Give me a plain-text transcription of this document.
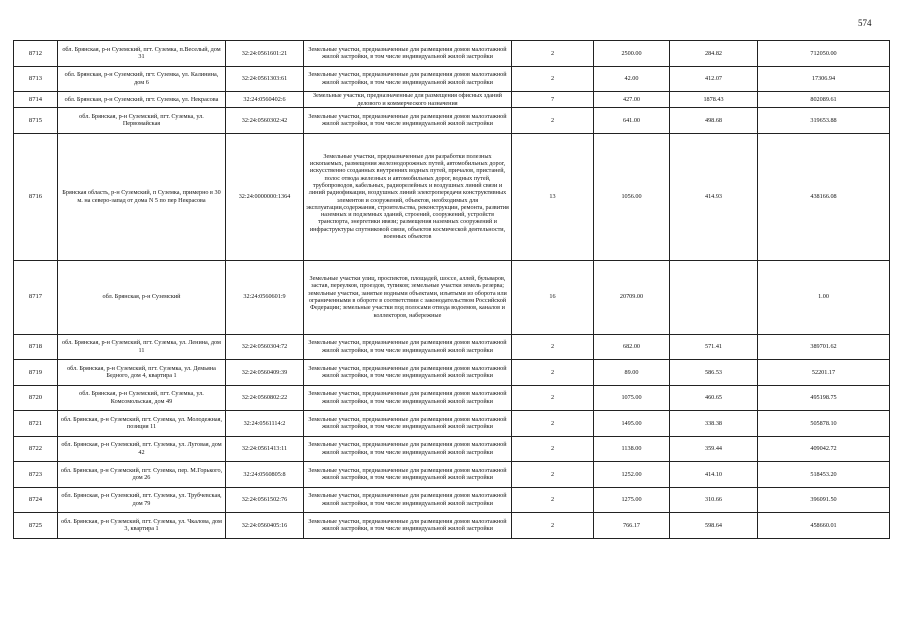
574
8712	обл. Брянская, р-н Суземский, пгт. Суземка, п.Веселый, дом 31	32:24:0561601:21	Земельные участки, предназначенные для размещения домов малоэтажной жилой застройки, в том числе индивидуальной жилой застройки	2	2500.00	284.82	712050.00
8713	обл. Брянская, р-н Суземский, пгт. Суземка, ул. Калинина, дом 6	32:24:0561303:61	Земельные участки, предназначенные для размещения домов малоэтажной жилой застройки, в том числе индивидуальной жилой застройки	2	42.00	412.07	17306.94
8714	обл. Брянская, р-н Суземский, пгт. Суземка, ул. Некрасова	32:24:0560402:6	Земельные участки, предназначенные для размещения офисных зданий делового и коммерческого назначения	7	427.00	1878.43	802089.61
8715	обл. Брянская, р-н Суземский, пгт. Суземка, ул. Первомайская	32:24:0560302:42	Земельные участки, предназначенные для размещения домов малоэтажной жилой застройки, в том числе индивидуальной жилой застройки	2	641.00	498.68	319653.88
8716	Брянская область, р-н Суземский, п Суземка, примерно в 30 м. на северо-запад от дома N 5 по пер Некрасова	32:24:0000000:1364	Земельные участки, предназначенные для разработки полезных ископаемых, размещения железнодорожных путей, автомобильных дорог, искусственно созданных внутренних водных путей, причалов, пристаней, полос отвода железных и автомобильных дорог, водных путей, трубопроводов, кабельных, радиорелейных и воздушных линий связи и линий радиофикации, воздушных линий электропередачи конструктивных элементов и сооружений, объектов, необходимых для эксплуатации,содержания, строительства, реконструкции, ремонта, развития наземных и подземных зданий, строений, сооружений, устройств транспорта, энергетики ивязи; размещения наземных сооружений и инфраструктуры спутниковой связи, объектов космической деятельности, военных объектов	13	1056.00	414.93	438166.08
8717	обл. Брянская, р-н Суземский	32:24:0560601:9	Земельные участки улиц, проспектов, площадей, шоссе, аллей, бульваров, застав, переулков, проездов, тупиков; земельные участки земель резерва; земельные участки, занятые водными объектами, изъятыми из оборота или ограниченными в обороте в соответствии с законодательством Российской Федерации; земельные участки под полосами отвода водоемов, каналов и коллекторов, набережные	16	20709.00		1.00
8718	обл. Брянская, р-н Суземский, пгт. Суземка, ул. Ленина, дом 11	32:24:0560304:72	Земельные участки, предназначенные для размещения домов малоэтажной жилой застройки, в том числе индивидуальной жилой застройки	2	682.00	571.41	389701.62
8719	обл. Брянская, р-н Суземский, пгт. Суземка, ул. Демьяна Бедного, дом 4, квартира 1	32:24:0560409:39	Земельные участки, предназначенные для размещения домов малоэтажной жилой застройки, в том числе индивидуальной жилой застройки	2	89.00	586.53	52201.17
8720	обл. Брянская, р-н Суземский, пгт. Суземка, ул. Комсомольская, дом 49	32:24:0560802:22	Земельные участки, предназначенные для размещения домов малоэтажной жилой застройки, в том числе индивидуальной жилой застройки	2	1075.00	460.65	495198.75
8721	обл. Брянская, р-н Суземский, пгт. Суземка, ул. Молодежная, позиция 11	32:24:0561114:2	Земельные участки, предназначенные для размещения домов малоэтажной жилой застройки, в том числе индивидуальной жилой застройки	2	1495.00	338.38	505878.10
8722	обл. Брянская, р-н Суземский, пгт. Суземка, ул. Луговая, дом 42	32:24:0561413:11	Земельные участки, предназначенные для размещения домов малоэтажной жилой застройки, в том числе индивидуальной жилой застройки	2	1138.00	359.44	409042.72
8723	обл. Брянская, р-н Суземский, пгт. Суземка, пер. М.Горького, дом 26	32:24:0560805:8	Земельные участки, предназначенные для размещения домов малоэтажной жилой застройки, в том числе индивидуальной жилой застройки	2	1252.00	414.10	518453.20
8724	обл. Брянская, р-н Суземский, пгт. Суземка, ул. Трубчевская, дом 79	32:24:0561502:76	Земельные участки, предназначенные для размещения домов малоэтажной жилой застройки, в том числе индивидуальной жилой застройки	2	1275.00	310.66	396091.50
8725	обл. Брянская, р-н Суземский, пгт. Суземка, ул. Чкалова, дом 3, квартира 1	32:24:0560405:16	Земельные участки, предназначенные для размещения домов малоэтажной жилой застройки, в том числе индивидуальной жилой застройки	2	766.17	598.64	458660.01
